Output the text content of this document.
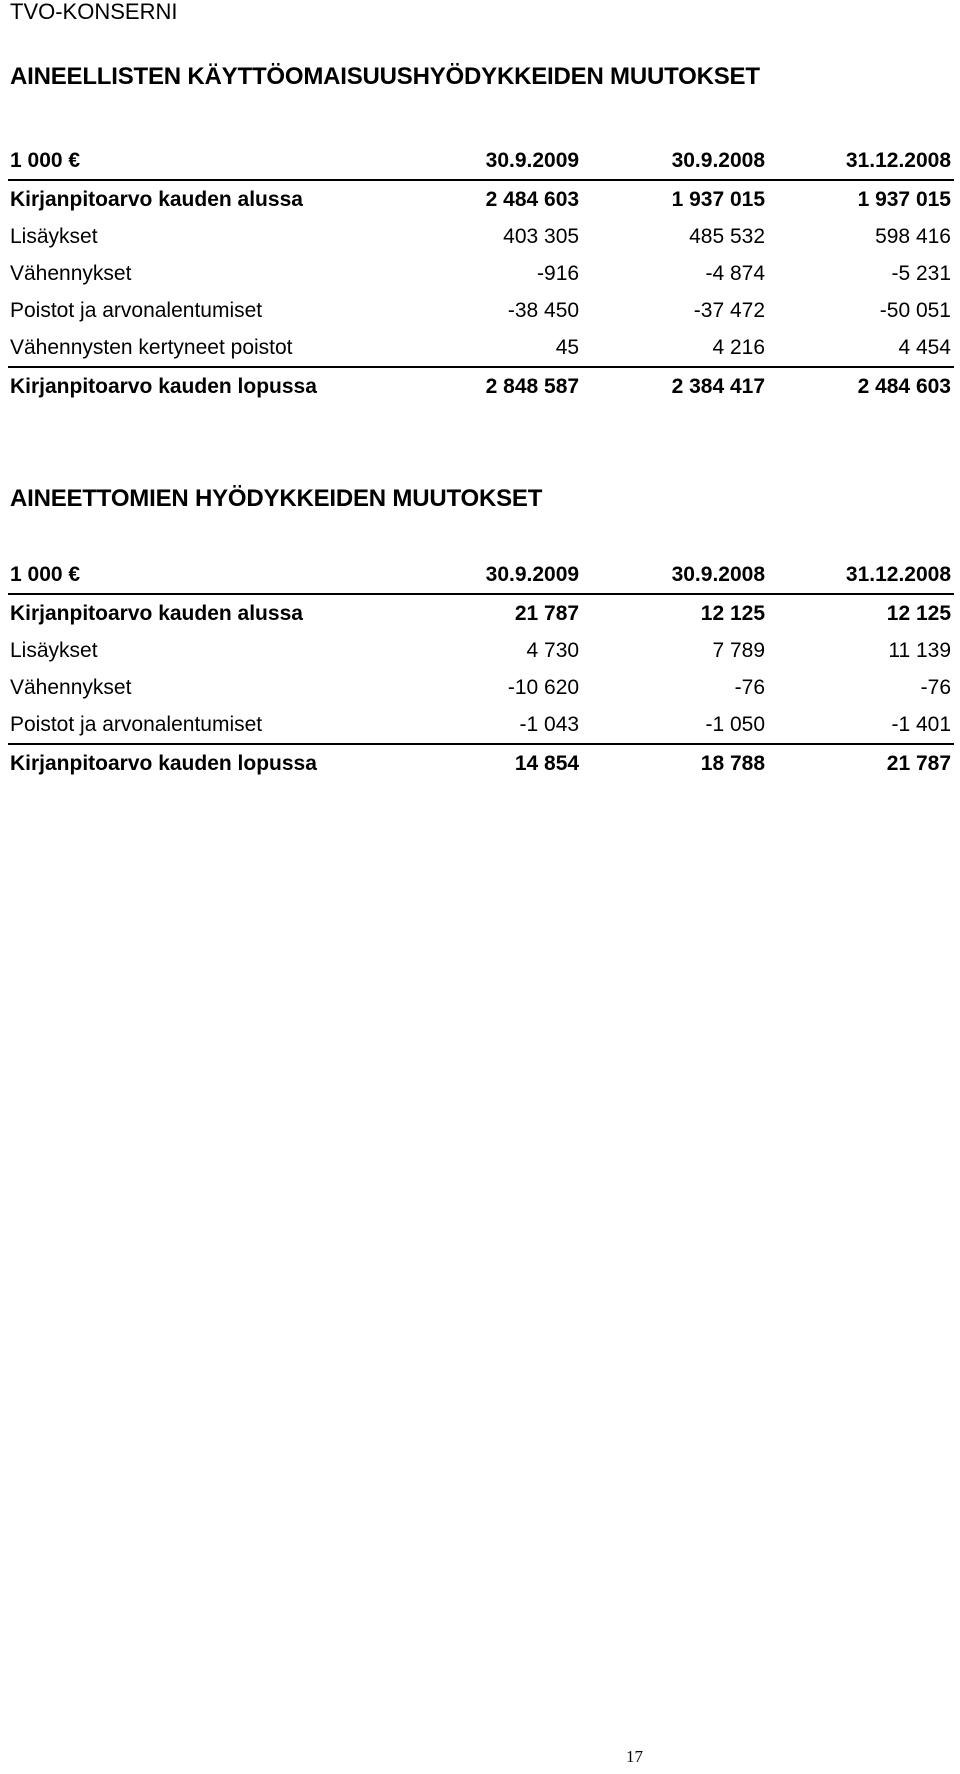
TVO-KONSERNI
AINEELLISTEN KÄYTTÖOMAISUUSHYÖDYKKEIDEN MUUTOKSET
1 000 €	30.9.2009	30.9.2008	31.12.2008
Kirjanpitoarvo kauden alussa	2 484 603	1 937 015	1 937 015
Lisäykset	403 305	485 532	598 416
Vähennykset	-916	-4 874	-5 231
Poistot ja arvonalentumiset	-38 450	-37 472	-50 051
Vähennysten kertyneet poistot	45	4 216	4 454
Kirjanpitoarvo kauden lopussa	2 848 587	2 384 417	2 484 603
AINEETTOMIEN HYÖDYKKEIDEN MUUTOKSET
1 000 €	30.9.2009	30.9.2008	31.12.2008
Kirjanpitoarvo kauden alussa	21 787	12 125	12 125
Lisäykset	4 730	7 789	11 139
Vähennykset	-10 620	-76	-76
Poistot ja arvonalentumiset	-1 043	-1 050	-1 401
Kirjanpitoarvo kauden lopussa	14 854	18 788	21 787
17
